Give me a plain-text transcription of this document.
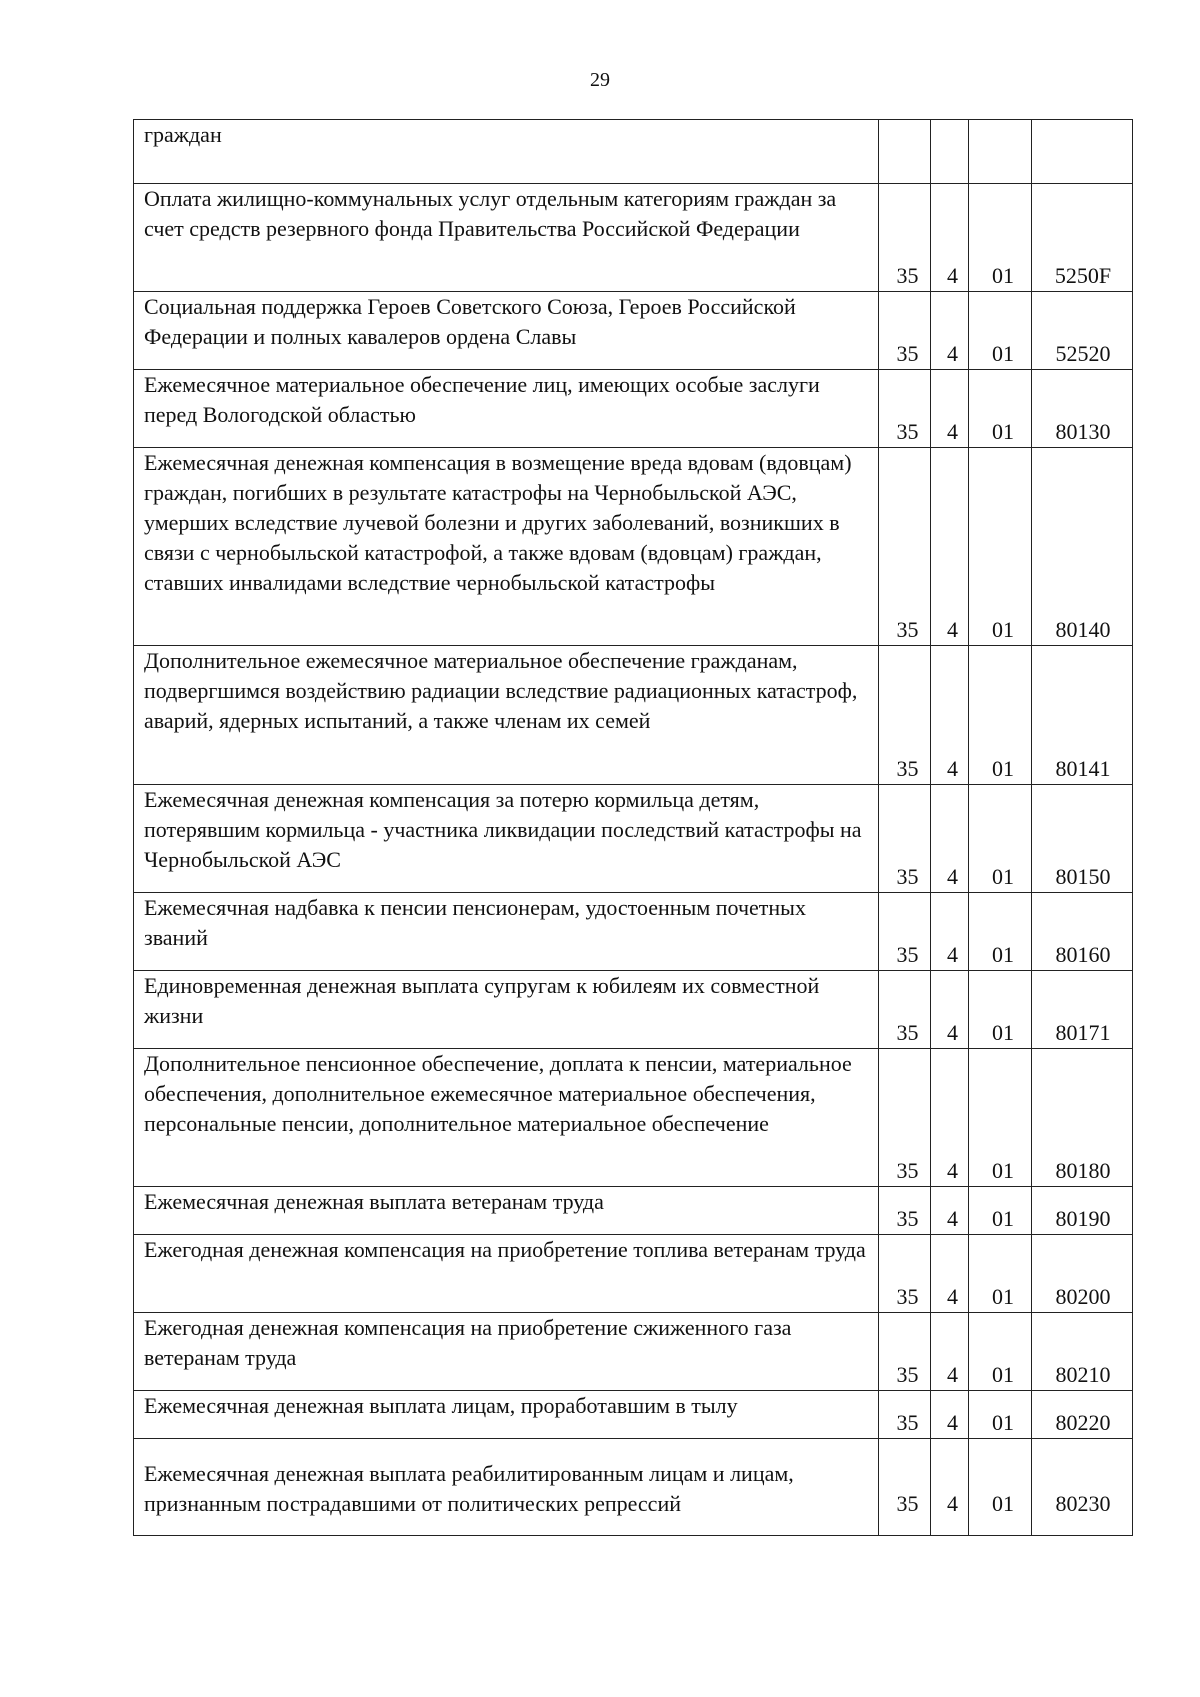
29
граждан				
Оплата жилищно-коммунальных услуг отдельным категориям граждан за счет средств резервного фонда Правительства Российской Федерации	35	4	01	5250F
Социальная поддержка Героев Советского Союза, Героев Российской Федерации и полных кавалеров ордена Славы	35	4	01	52520
Ежемесячное материальное обеспечение лиц, имеющих особые заслуги перед Вологодской областью	35	4	01	80130
Ежемесячная денежная компенсация в возмещение вреда вдовам (вдовцам) граждан, погибших в результате катастрофы на Чернобыльской АЭС, умерших вследствие лучевой болезни и других заболеваний, возникших в связи с чернобыльской катастрофой, а также вдовам (вдовцам) граждан, ставших инвалидами вследствие чернобыльской катастрофы	35	4	01	80140
Дополнительное ежемесячное материальное обеспечение гражданам, подвергшимся воздействию радиации вследствие радиационных катастроф, аварий, ядерных испытаний, а также членам их семей	35	4	01	80141
Ежемесячная денежная компенсация за потерю кормильца детям, потерявшим кормильца - участника ликвидации последствий катастрофы на Чернобыльской АЭС	35	4	01	80150
Ежемесячная надбавка к пенсии пенсионерам, удостоенным почетных званий	35	4	01	80160
Единовременная денежная выплата супругам к юбилеям их совместной жизни	35	4	01	80171
Дополнительное пенсионное обеспечение, доплата к пенсии, материальное обеспечения, дополнительное ежемесячное материальное обеспечения, персональные пенсии, дополнительное материальное обеспечение	35	4	01	80180
Ежемесячная денежная выплата ветеранам труда	35	4	01	80190
Ежегодная денежная компенсация на приобретение топлива ветеранам труда	35	4	01	80200
Ежегодная денежная компенсация на приобретение сжиженного газа ветеранам труда	35	4	01	80210
Ежемесячная денежная выплата лицам, проработавшим в тылу	35	4	01	80220
Ежемесячная денежная выплата реабилитированным лицам и лицам, признанным пострадавшими от политических репрессий	35	4	01	80230
